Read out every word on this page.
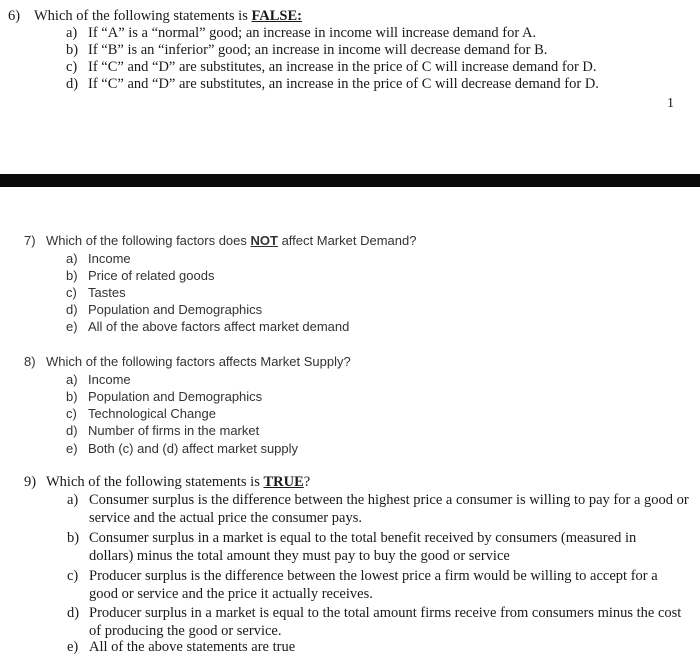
6) Which of the following statements is FALSE:
a) If “A” is a “normal” good; an increase in income will increase demand for A.
b) If “B” is an “inferior” good; an increase in income will decrease demand for B.
c) If “C” and “D” are substitutes, an increase in the price of C will increase demand for D.
d) If “C” and “D” are substitutes, an increase in the price of C will decrease demand for D.
1
7) Which of the following factors does NOT affect Market Demand?
a) Income
b) Price of related goods
c) Tastes
d) Population and Demographics
e) All of the above factors affect market demand
8) Which of the following factors affects Market Supply?
a) Income
b) Population and Demographics
c) Technological Change
d) Number of firms in the market
e) Both (c) and (d) affect market supply
9) Which of the following statements is TRUE?
a) Consumer surplus is the difference between the highest price a consumer is willing to pay for a good or service and the actual price the consumer pays.
b) Consumer surplus in a market is equal to the total benefit received by consumers (measured in dollars) minus the total amount they must pay to buy the good or service
c) Producer surplus is the difference between the lowest price a firm would be willing to accept for a good or service and the price it actually receives.
d) Producer surplus in a market is equal to the total amount firms receive from consumers minus the cost of producing the good or service.
e) All of the above statements are true
